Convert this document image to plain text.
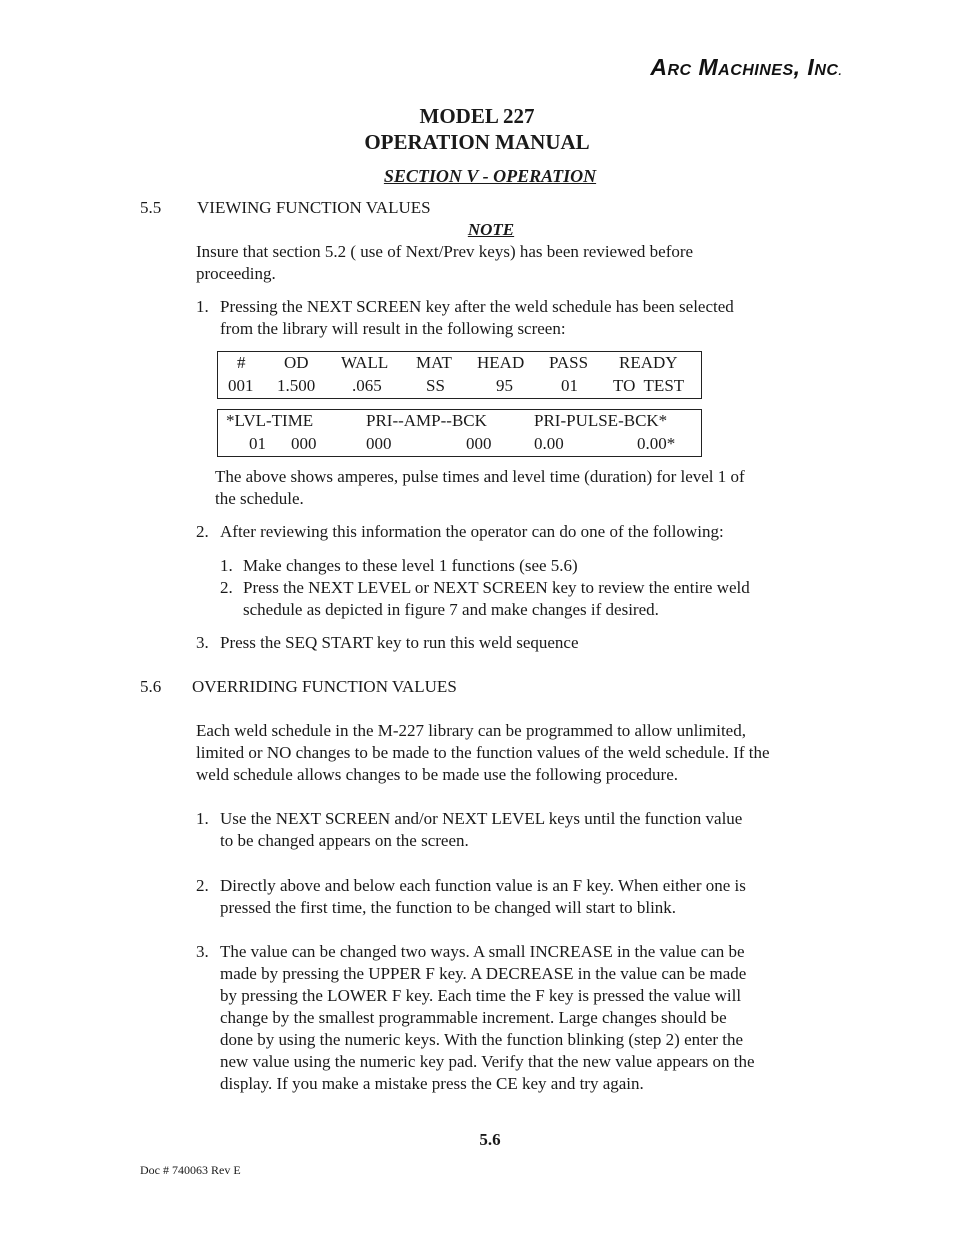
Arc Machines, Inc.
MODEL 227
OPERATION MANUAL
SECTION V - OPERATION
5.5 VIEWING FUNCTION VALUES
NOTE
Insure that section 5.2 ( use of Next/Prev keys) has been reviewed before
proceeding.
1. Pressing the NEXT SCREEN key after the weld schedule has been selected
from the library will result in the following screen:
# OD WALL MAT HEAD PASS READY
001 1.500 .065	SS	95	01 TO  TEST
*LVL-TIME	PRI--AMP--BCK	PRI-PULSE-BCK*
01 000	000	000	0.00	0.00*
The above shows amperes, pulse times and level time (duration) for level 1 of
the schedule.
2. After reviewing this information the operator can do one of the following:
1. Make changes to these level 1 functions (see 5.6)
2. Press the NEXT LEVEL or NEXT SCREEN key to review the entire weld
schedule as depicted in figure 7 and make changes if desired.
3. Press the SEQ START key to run this weld sequence
5.6 OVERRIDING FUNCTION VALUES
Each weld schedule in the M-227 library can be programmed to allow unlimited,
limited or NO changes to be made to the function values of the weld schedule. If the
weld schedule allows changes to be made use the following procedure.
1. Use the NEXT SCREEN and/or NEXT LEVEL keys until the function value
to be changed appears on the screen.
2. Directly above and below each function value is an F key. When either one is
pressed the first time, the function to be changed will start to blink.
3. The value can be changed two ways. A small INCREASE in the value can be
made by pressing the UPPER F key. A DECREASE in the value can be made
by pressing the LOWER F key. Each time the F key is pressed the value will
change by the smallest programmable increment. Large changes should be
done by using the numeric keys. With the function blinking (step 2) enter the
new value using the numeric key pad. Verify that the new value appears on the
display. If you make a mistake press the CE key and try again.
5.6
Doc # 740063 Rev E
